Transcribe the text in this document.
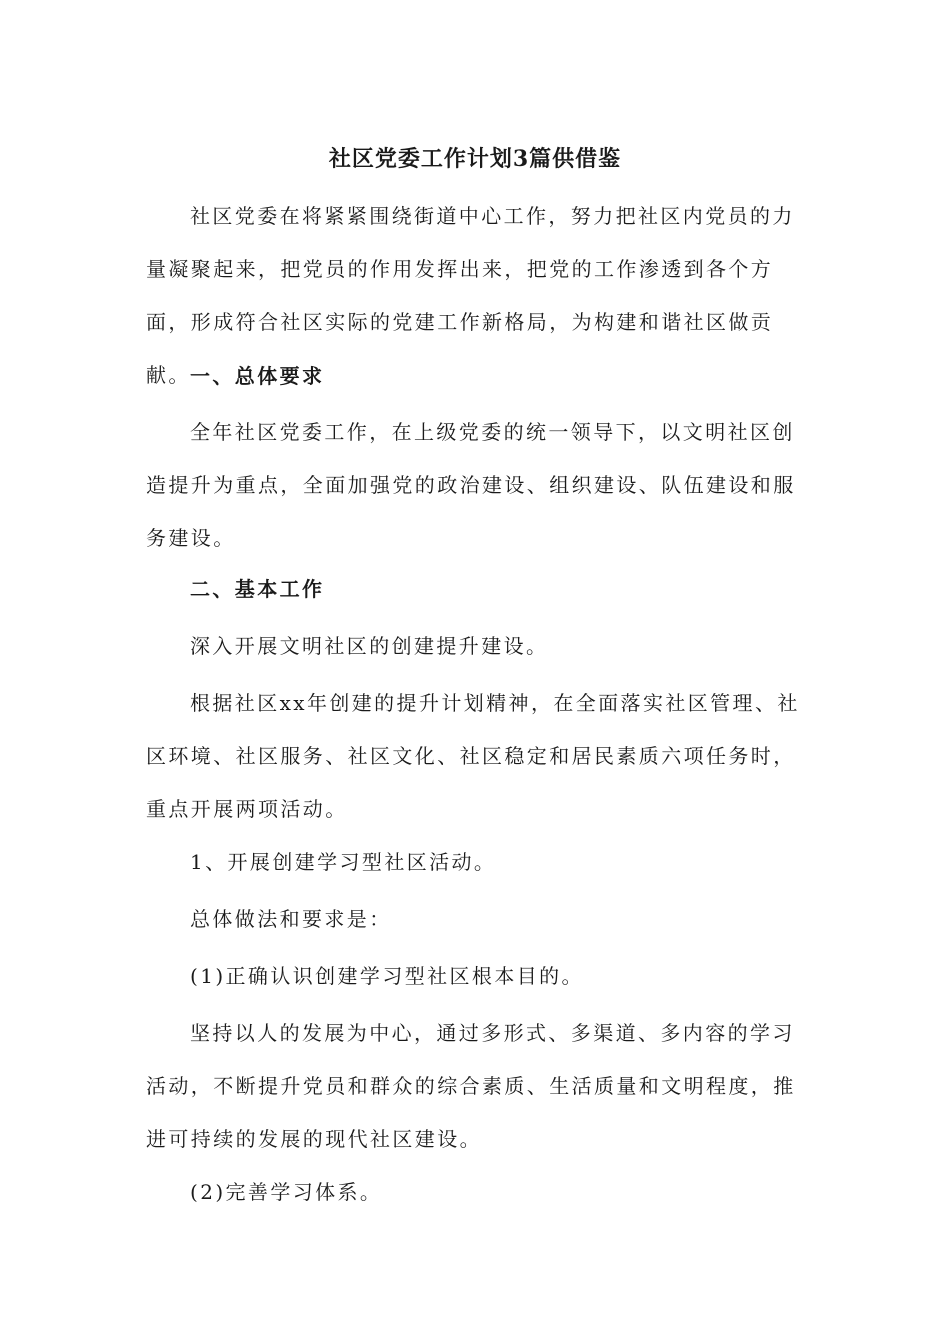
社区党委工作计划3篇供借鉴
社区党委在将紧紧围绕街道中心工作，努力把社区内党员的力量凝聚起来，把党员的作用发挥出来，把党的工作渗透到各个方面，形成符合社区实际的党建工作新格局，为构建和谐社区做贡献。 一、总体要求
全年社区党委工作，在上级党委的统一领导下，以文明社区创造提升为重点，全面加强党的政治建设、组织建设、队伍建设和服务建设。
二、基本工作
深入开展文明社区的创建提升建设。
根据社区xx年创建的提升计划精神，在全面落实社区管理、社区环境、社区服务、社区文化、社区稳定和居民素质六项任务时，重点开展两项活动。
1、开展创建学习型社区活动。
总体做法和要求是：
(1)正确认识创建学习型社区根本目的。
坚持以人的发展为中心，通过多形式、多渠道、多内容的学习活动，不断提升党员和群众的综合素质、生活质量和文明程度，推进可持续的发展的现代社区建设。
(2)完善学习体系。
